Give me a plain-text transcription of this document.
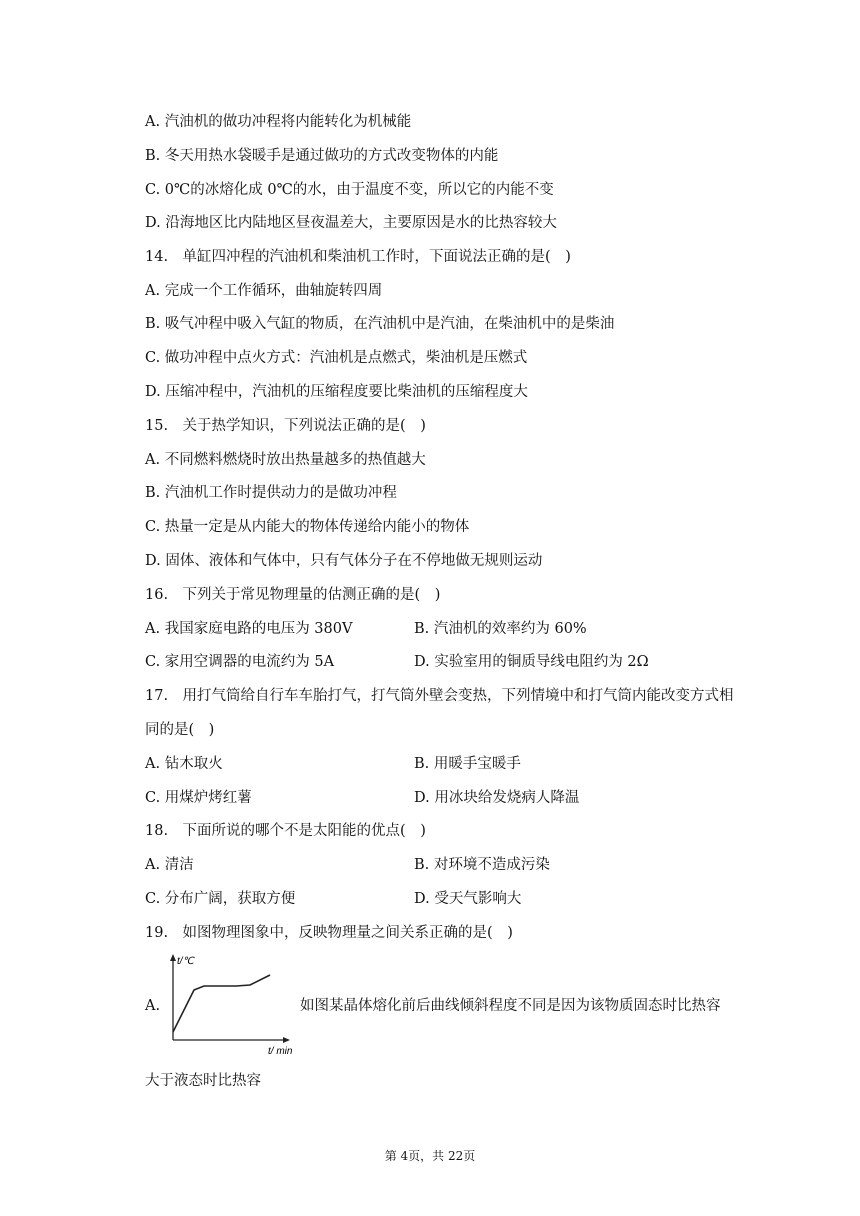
A. 汽油机的做功冲程将内能转化为机械能
B. 冬天用热水袋暖手是通过做功的方式改变物体的内能
C. 0℃的冰熔化成 0℃的水，由于温度不变，所以它的内能不变
D. 沿海地区比内陆地区昼夜温差大，主要原因是水的比热容较大
14.　单缸四冲程的汽油机和柴油机工作时，下面说法正确的是(　)
A. 完成一个工作循环，曲轴旋转四周
B. 吸气冲程中吸入气缸的物质，在汽油机中是汽油，在柴油机中的是柴油
C. 做功冲程中点火方式：汽油机是点燃式，柴油机是压燃式
D. 压缩冲程中，汽油机的压缩程度要比柴油机的压缩程度大
15.　关于热学知识，下列说法正确的是(　)
A. 不同燃料燃烧时放出热量越多的热值越大
B. 汽油机工作时提供动力的是做功冲程
C. 热量一定是从内能大的物体传递给内能小的物体
D. 固体、液体和气体中，只有气体分子在不停地做无规则运动
16.　下列关于常见物理量的估测正确的是(　)
A. 我国家庭电路的电压为 380V	B. 汽油机的效率约为 60%
C. 家用空调器的电流约为 5A	D. 实验室用的铜质导线电阻约为 2Ω
17.　用打气筒给自行车车胎打气，打气筒外壁会变热，下列情境中和打气筒内能改变方式相
同的是(　)
A. 钻木取火	B. 用暖手宝暖手
C. 用煤炉烤红薯	D. 用冰块给发烧病人降温
18.　下面所说的哪个不是太阳能的优点(　)
A. 清洁	B. 对环境不造成污染
C. 分布广阔，获取方便	D. 受天气影响大
19.　如图物理图象中，反映物理量之间关系正确的是(　)
A.
t/℃
t/ min
如图某晶体熔化前后曲线倾斜程度不同是因为该物质固态时比热容
大于液态时比热容
第 4页，共 22页
